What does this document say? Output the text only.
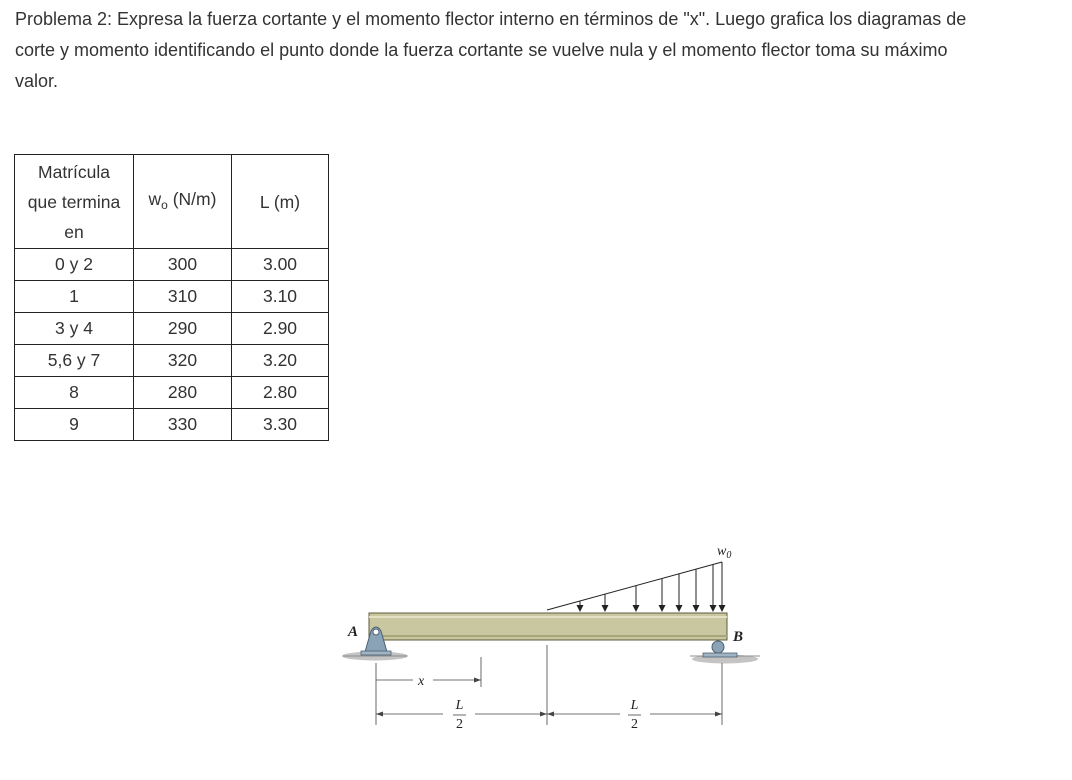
Problema 2: Expresa la fuerza cortante y el momento flector interno en términos de "x". Luego grafica los diagramas de
corte y momento identificando el punto donde la fuerza cortante se vuelve nula y el momento flector toma su máximo
valor.
Matrícula
que termina
en	$w_o$ (N/m)	L (m)
0 y 2	300	3.00
1	310	3.10
3 y 4	290	2.90
5,6 y 7	320	3.20
8	280	2.80
9	330	3.30
A	B
$w_0$
x
L
2
L
2
